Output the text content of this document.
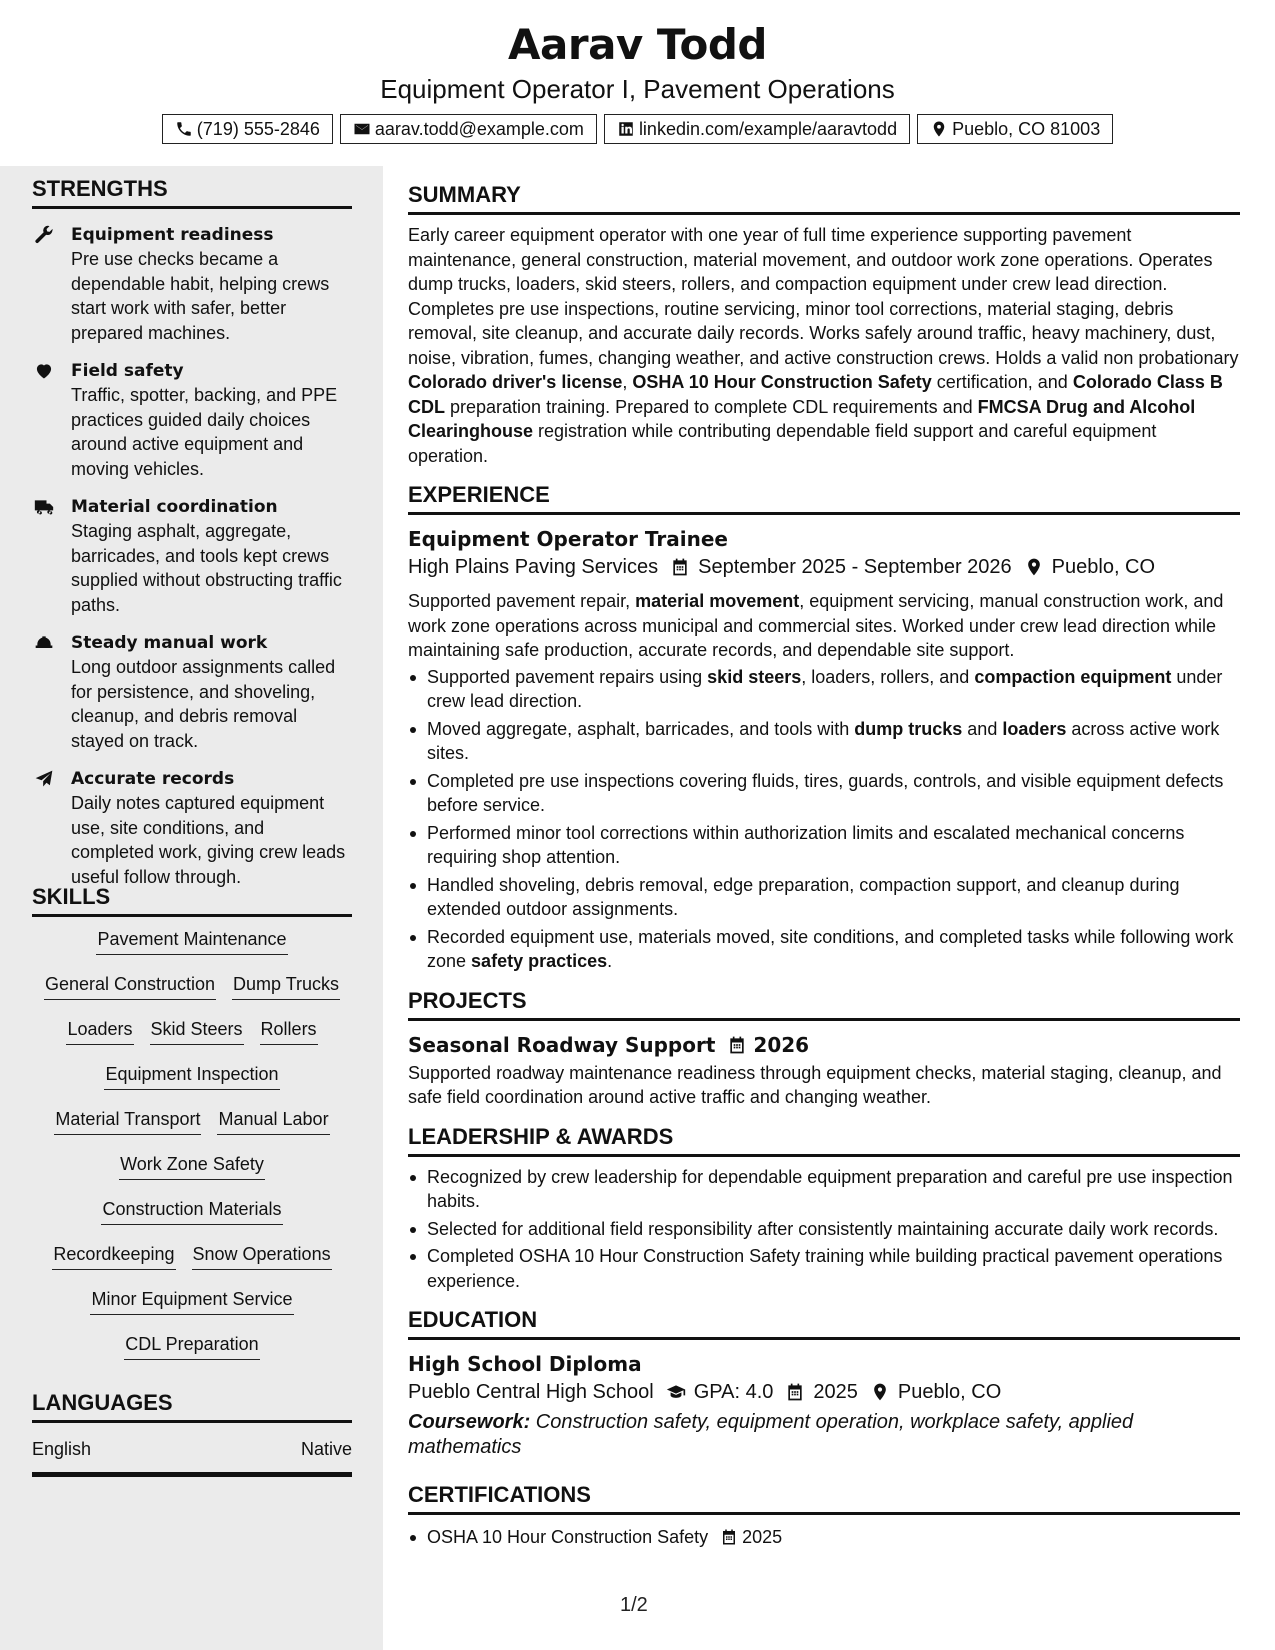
Aarav Todd
Equipment Operator I, Pavement Operations
(719) 555-2846	aarav.todd@example.com	linkedin.com/example/aaravtodd	Pueblo, CO 81003
STRENGTHS
Equipment readiness
Pre use checks became a dependable habit, helping crews start work with safer, better prepared machines.
Field safety
Traffic, spotter, backing, and PPE practices guided daily choices around active equipment and moving vehicles.
Material coordination
Staging asphalt, aggregate, barricades, and tools kept crews supplied without obstructing traffic paths.
Steady manual work
Long outdoor assignments called for persistence, and shoveling, cleanup, and debris removal stayed on track.
Accurate records
Daily notes captured equipment use, site conditions, and completed work, giving crew leads useful follow through.
SKILLS
Pavement Maintenance
General Construction Dump Trucks
Loaders Skid Steers Rollers
Equipment Inspection
Material Transport Manual Labor
Work Zone Safety
Construction Materials
Recordkeeping Snow Operations
Minor Equipment Service
CDL Preparation
LANGUAGES
English	Native
SUMMARY
Early career equipment operator with one year of full time experience supporting pavement maintenance, general construction, material movement, and outdoor work zone operations. Operates dump trucks, loaders, skid steers, rollers, and compaction equipment under crew lead direction. Completes pre use inspections, routine servicing, minor tool corrections, material staging, debris removal, site cleanup, and accurate daily records. Works safely around traffic, heavy machinery, dust, noise, vibration, fumes, changing weather, and active construction crews. Holds a valid non probationary Colorado driver's license, OSHA 10 Hour Construction Safety certification, and Colorado Class B CDL preparation training. Prepared to complete CDL requirements and FMCSA Drug and Alcohol Clearinghouse registration while contributing dependable field support and careful equipment operation.
EXPERIENCE
Equipment Operator Trainee
High Plains Paving Services September 2025 - September 2026 Pueblo, CO
Supported pavement repair, material movement, equipment servicing, manual construction work, and work zone operations across municipal and commercial sites. Worked under crew lead direction while maintaining safe production, accurate records, and dependable site support.
Supported pavement repairs using skid steers, loaders, rollers, and compaction equipment under crew lead direction.
Moved aggregate, asphalt, barricades, and tools with dump trucks and loaders across active work sites.
Completed pre use inspections covering fluids, tires, guards, controls, and visible equipment defects before service.
Performed minor tool corrections within authorization limits and escalated mechanical concerns requiring shop attention.
Handled shoveling, debris removal, edge preparation, compaction support, and cleanup during extended outdoor assignments.
Recorded equipment use, materials moved, site conditions, and completed tasks while following work zone safety practices.
PROJECTS
Seasonal Roadway Support 2026
Supported roadway maintenance readiness through equipment checks, material staging, cleanup, and safe field coordination around active traffic and changing weather.
LEADERSHIP & AWARDS
Recognized by crew leadership for dependable equipment preparation and careful pre use inspection habits.
Selected for additional field responsibility after consistently maintaining accurate daily work records.
Completed OSHA 10 Hour Construction Safety training while building practical pavement operations experience.
EDUCATION
High School Diploma
Pueblo Central High School GPA: 4.0 2025 Pueblo, CO
Coursework: Construction safety, equipment operation, workplace safety, applied mathematics
CERTIFICATIONS
OSHA 10 Hour Construction Safety 2025
1/2
